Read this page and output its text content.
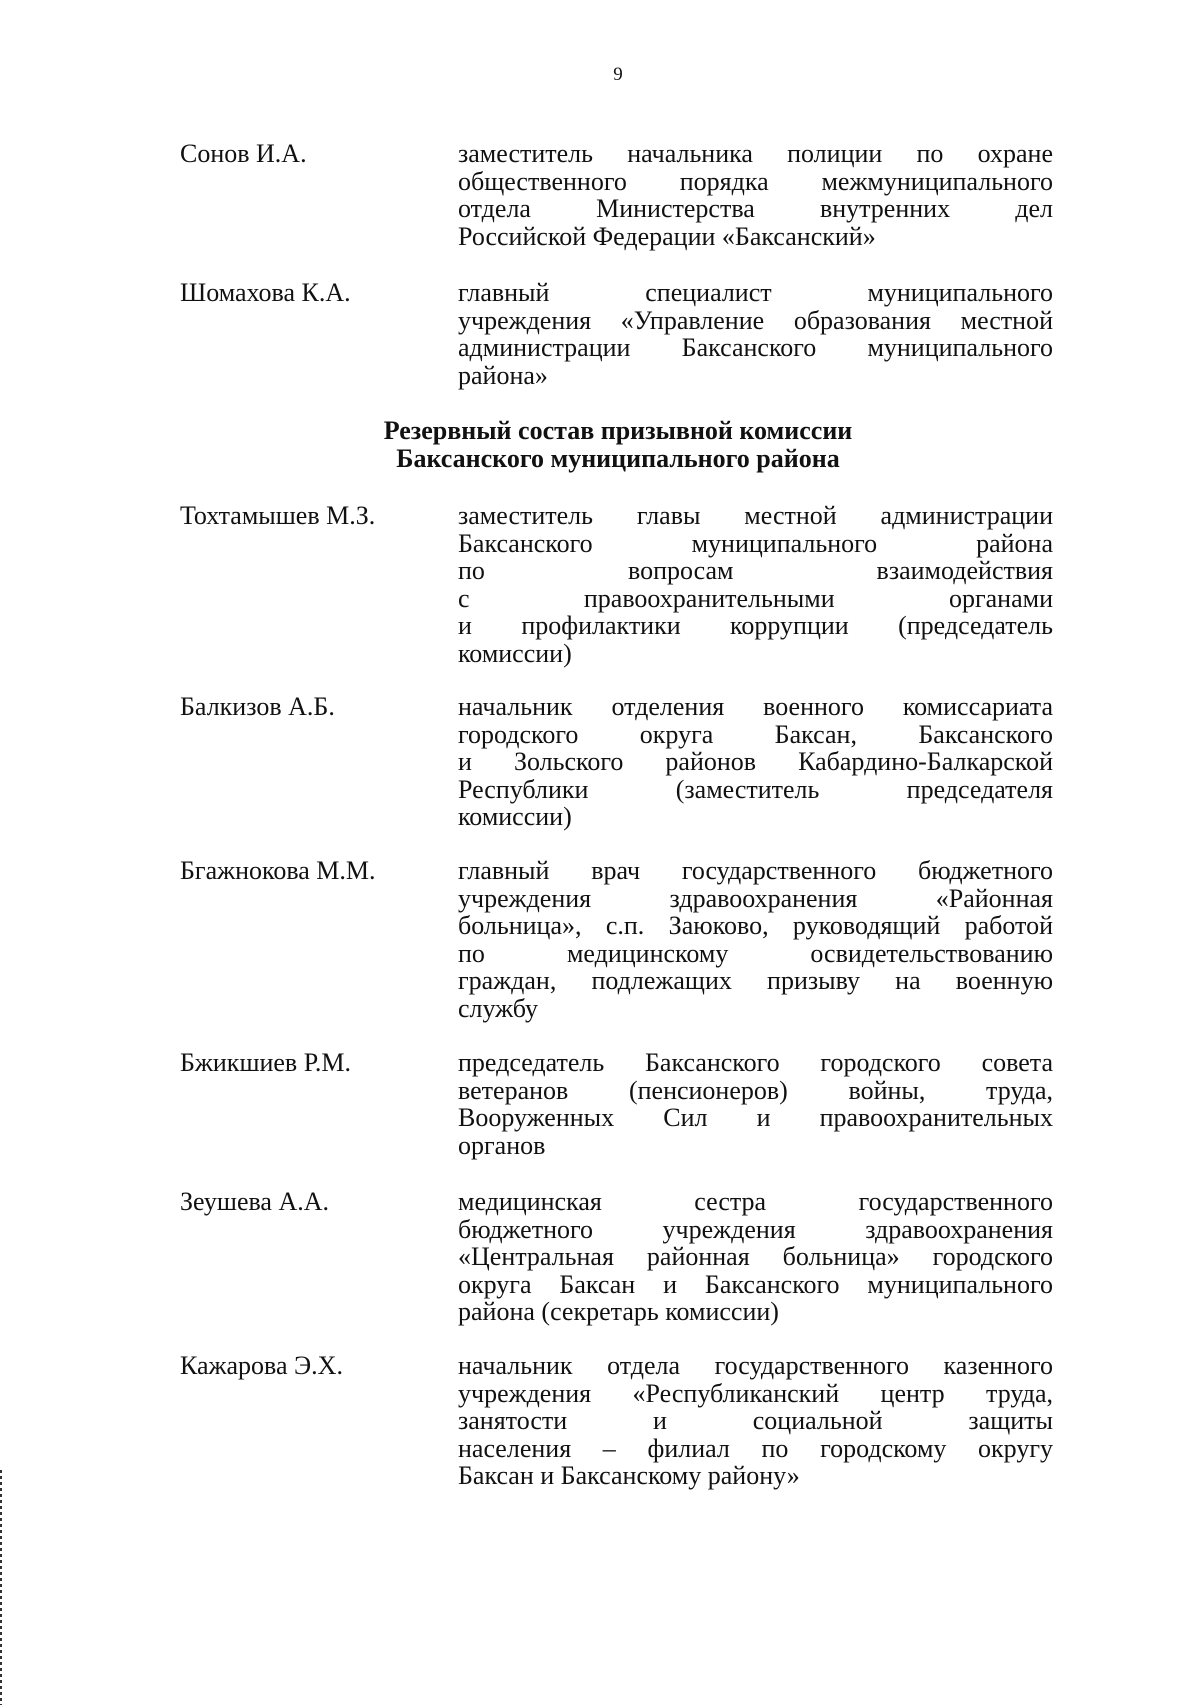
9
Сонов И.А.	заместитель начальника полиции по охране
общественного порядка межмуниципального
отдела Министерства внутренних дел
Российской Федерации «Баксанский»
Шомахова К.А.	главный специалист муниципального
учреждения «Управление образования местной
администрации Баксанского муниципального
района»
Резервный состав призывной комиссии
Баксанского муниципального района
Тохтамышев М.З.	заместитель главы местной администрации
Баксанского муниципального района
по вопросам взаимодействия
с правоохранительными органами
и профилактики коррупции (председатель
комиссии)
Балкизов А.Б.	начальник отделения военного комиссариата
городского округа Баксан, Баксанского
и Зольского районов Кабардино-Балкарской
Республики (заместитель председателя
комиссии)
Бгажнокова М.М.	главный врач государственного бюджетного
учреждения здравоохранения «Районная
больница», с.п. Заюково, руководящий работой
по медицинскому освидетельствованию
граждан, подлежащих призыву на военную
службу
Бжикшиев Р.М.	председатель Баксанского городского совета
ветеранов (пенсионеров) войны, труда,
Вооруженных Сил и правоохранительных
органов
Зеушева А.А.	медицинская сестра государственного
бюджетного учреждения здравоохранения
«Центральная районная больница» городского
округа Баксан и Баксанского муниципального
района (секретарь комиссии)
Кажарова Э.Х.	начальник отдела государственного казенного
учреждения «Республиканский центр труда,
занятости и социальной защиты
населения – филиал по городскому округу
Баксан и Баксанскому району»
